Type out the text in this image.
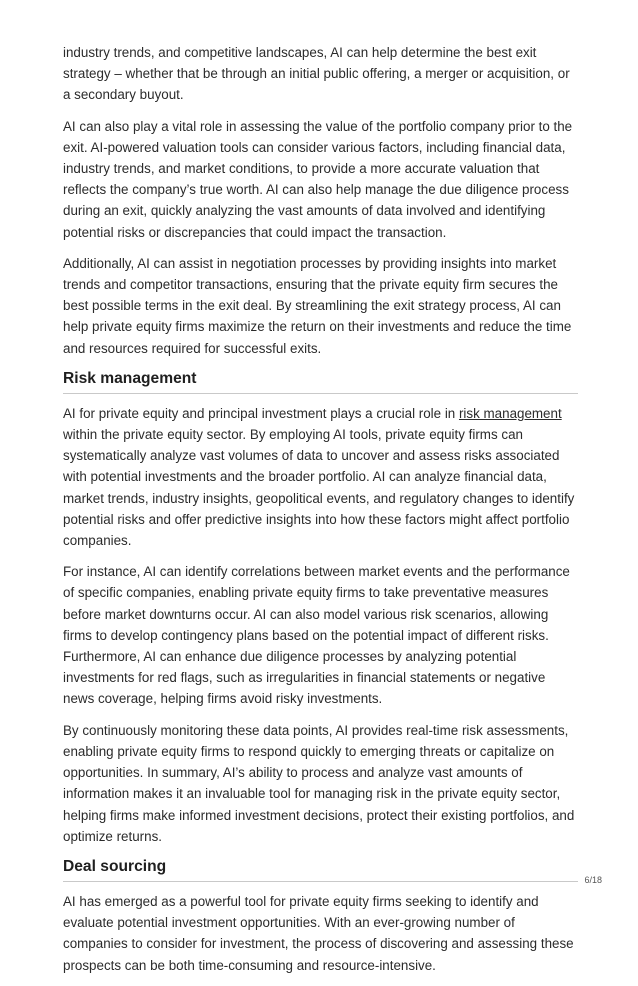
industry trends, and competitive landscapes, AI can help determine the best exit strategy – whether that be through an initial public offering, a merger or acquisition, or a secondary buyout.

AI can also play a vital role in assessing the value of the portfolio company prior to the exit. AI-powered valuation tools can consider various factors, including financial data, industry trends, and market conditions, to provide a more accurate valuation that reflects the company’s true worth. AI can also help manage the due diligence process during an exit, quickly analyzing the vast amounts of data involved and identifying potential risks or discrepancies that could impact the transaction.

Additionally, AI can assist in negotiation processes by providing insights into market trends and competitor transactions, ensuring that the private equity firm secures the best possible terms in the exit deal. By streamlining the exit strategy process, AI can help private equity firms maximize the return on their investments and reduce the time and resources required for successful exits.

Risk management

AI for private equity and principal investment plays a crucial role in risk management within the private equity sector. By employing AI tools, private equity firms can systematically analyze vast volumes of data to uncover and assess risks associated with potential investments and the broader portfolio. AI can analyze financial data, market trends, industry insights, geopolitical events, and regulatory changes to identify potential risks and offer predictive insights into how these factors might affect portfolio companies.

For instance, AI can identify correlations between market events and the performance of specific companies, enabling private equity firms to take preventative measures before market downturns occur. AI can also model various risk scenarios, allowing firms to develop contingency plans based on the potential impact of different risks. Furthermore, AI can enhance due diligence processes by analyzing potential investments for red flags, such as irregularities in financial statements or negative news coverage, helping firms avoid risky investments.

By continuously monitoring these data points, AI provides real-time risk assessments, enabling private equity firms to respond quickly to emerging threats or capitalize on opportunities. In summary, AI’s ability to process and analyze vast amounts of information makes it an invaluable tool for managing risk in the private equity sector, helping firms make informed investment decisions, protect their existing portfolios, and optimize returns.

Deal sourcing

AI has emerged as a powerful tool for private equity firms seeking to identify and evaluate potential investment opportunities. With an ever-growing number of companies to consider for investment, the process of discovering and assessing these prospects can be both time-consuming and resource-intensive.

6/18
